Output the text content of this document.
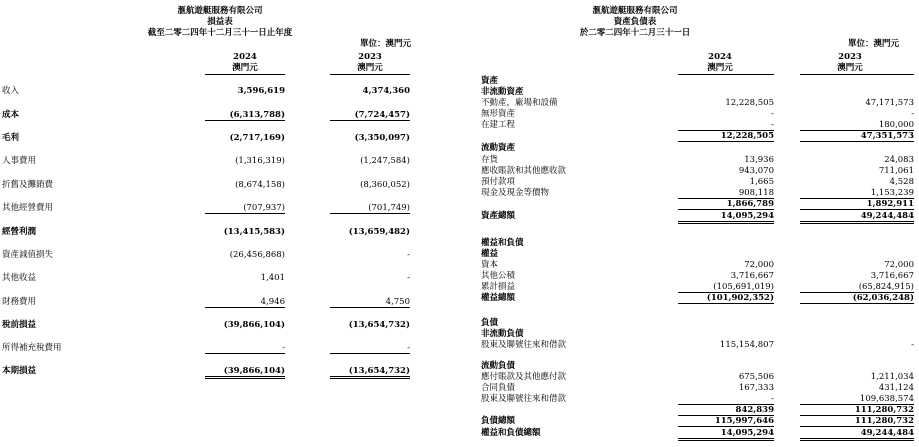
滙航遊艇服務有限公司
損益表
截至二零二四年十二月三十一日止年度
單位：澳門元
2024
澳門元
2023
澳門元
收入	3,596,619	4,374,360
成本	(6,313,788)	(7,724,457)
毛利	(2,717,169)	(3,350,097)
人事費用	(1,316,319)	(1,247,584)
折舊及攤銷費	(8,674,158)	(8,360,052)
其他經營費用	(707,937)	(701,749)
經營利潤	(13,415,583)	(13,659,482)
資產減值損失	(26,456,868)	-
其他收益	1,401	-
財務費用	4,946	4,750
稅前損益	(39,866,104)	(13,654,732)
所得補充稅費用	-	-
本期損益	(39,866,104)	(13,654,732)
滙航遊艇服務有限公司
資產負債表
於二零二四年十二月三十一日
單位：澳門元
2024
澳門元
2023
澳門元
資產
非流動資產
不動產，廠場和設備	12,228,505	47,171,573
無形資產	-	-
在建工程	-	180,000
12,228,505	47,351,573
流動資產
存貨	13,936	24,083
應收賬款和其他應收款	943,070	711,061
預付款項	1,665	4,528
現金及現金等價物	908,118	1,153,239
1,866,789	1,892,911
資產總額	14,095,294	49,244,484
權益和負債
權益
資本	72,000	72,000
其他公積	3,716,667	3,716,667
累計損益	(105,691,019)	(65,824,915)
權益總額	(101,902,352)	(62,036,248)
負債
非流動負債
股東及聯號往來和借款	115,154,807	-
流動負債
應付賬款及其他應付款	675,506	1,211,034
合同負債	167,333	431,124
股東及聯號往來和借款	-	109,638,574
842,839	111,280,732
負債總額	115,997,646	111,280,732
權益和負債總額	14,095,294	49,244,484
